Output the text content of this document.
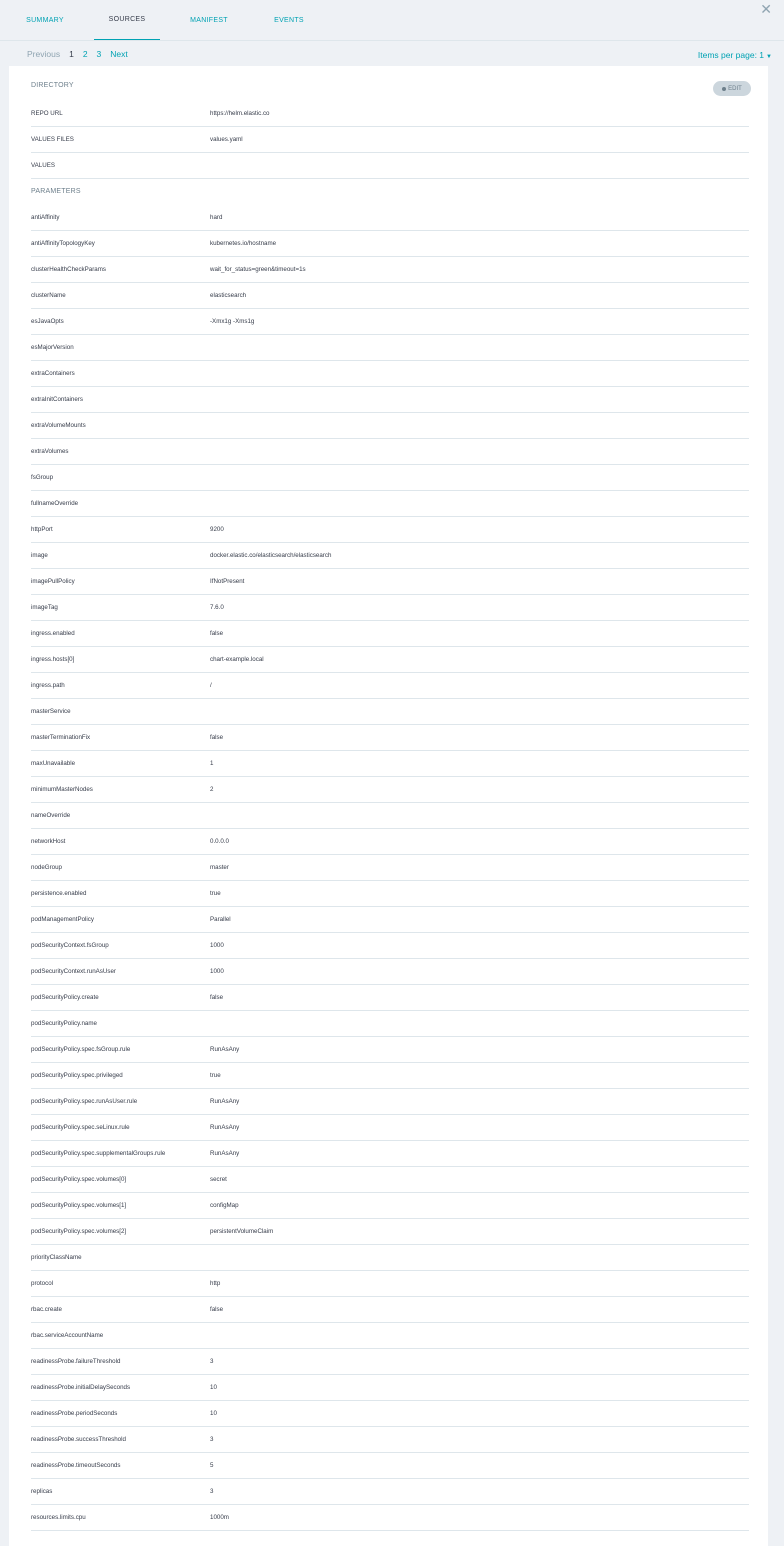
✕
SUMMARY	SOURCES	MANIFEST	EVENTS
Previous 1 2 3 Next	Items per page: 1 ▼
DIRECTORY	EDIT
REPO URL	https://helm.elastic.co
VALUES FILES	values.yaml
VALUES
PARAMETERS
antiAffinity	hard
antiAffinityTopologyKey	kubernetes.io/hostname
clusterHealthCheckParams	wait_for_status=green&timeout=1s
clusterName	elasticsearch
esJavaOpts	-Xmx1g -Xms1g
esMajorVersion
extraContainers
extraInitContainers
extraVolumeMounts
extraVolumes
fsGroup
fullnameOverride
httpPort	9200
image	docker.elastic.co/elasticsearch/elasticsearch
imagePullPolicy	IfNotPresent
imageTag	7.6.0
ingress.enabled	false
ingress.hosts[0]	chart-example.local
ingress.path	/
masterService
masterTerminationFix	false
maxUnavailable	1
minimumMasterNodes	2
nameOverride
networkHost	0.0.0.0
nodeGroup	master
persistence.enabled	true
podManagementPolicy	Parallel
podSecurityContext.fsGroup	1000
podSecurityContext.runAsUser	1000
podSecurityPolicy.create	false
podSecurityPolicy.name
podSecurityPolicy.spec.fsGroup.rule	RunAsAny
podSecurityPolicy.spec.privileged	true
podSecurityPolicy.spec.runAsUser.rule	RunAsAny
podSecurityPolicy.spec.seLinux.rule	RunAsAny
podSecurityPolicy.spec.supplementalGroups.rule	RunAsAny
podSecurityPolicy.spec.volumes[0]	secret
podSecurityPolicy.spec.volumes[1]	configMap
podSecurityPolicy.spec.volumes[2]	persistentVolumeClaim
priorityClassName
protocol	http
rbac.create	false
rbac.serviceAccountName
readinessProbe.failureThreshold	3
readinessProbe.initialDelaySeconds	10
readinessProbe.periodSeconds	10
readinessProbe.successThreshold	3
readinessProbe.timeoutSeconds	5
replicas	3
resources.limits.cpu	1000m
